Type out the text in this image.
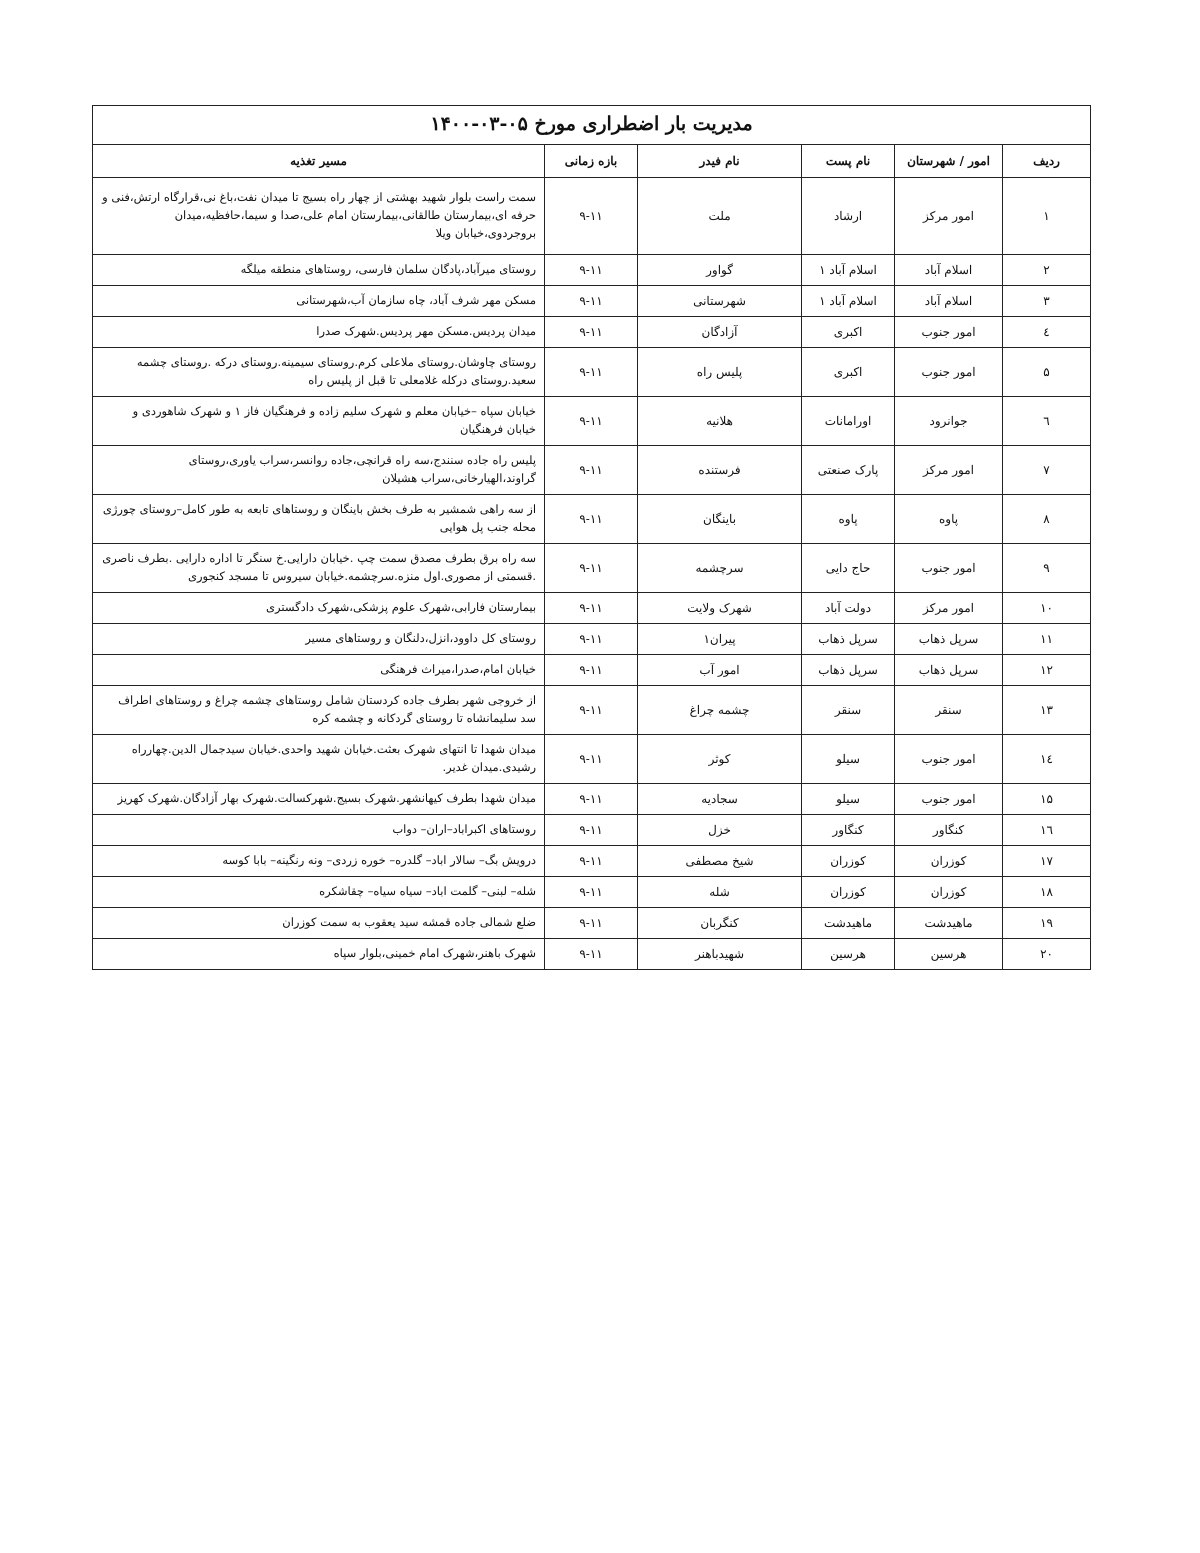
مدیریت بار اضطراری مورخ ۰۵-۰۳-۱۴۰۰					
ردیف	امور / شهرستان	نام پست	نام فیدر	بازه زمانی	مسیر تغذیه
۱	امور مرکز	ارشاد	ملت	۹-۱۱	سمت راست بلوار شهید بهشتی از چهار راه بسیج تا میدان نفت،باغ نی،قرارگاه ارتش،فنی و حرفه ای،بیمارستان طالقانی،بیمارستان امام علی،صدا و سیما،حافظیه،میدان بروجردوی،خیابان ویلا
۲	اسلام آباد	اسلام آباد ۱	گواور	۹-۱۱	روستای میرآباد،پادگان سلمان فارسی، روستاهای منطقه میلگه
۳	اسلام آباد	اسلام آباد ۱	شهرستانی	۹-۱۱	مسکن مهر شرف آباد، چاه سازمان آب،شهرستانی
٤	امور جنوب	اکبری	آزادگان	۹-۱۱	میدان پردیس.مسکن مهر پردیس.شهرک صدرا
۵	امور جنوب	اکبری	پلیس راه	۹-۱۱	روستای چاوشان.روستای ملاعلی کرم.روستای سیمینه.روستای درکه .روستای چشمه سعید.روستای درکله غلامعلی تا قبل از پلیس راه
٦	جوانرود	اورامانات	هلانیه	۹-۱۱	خیابان سپاه –خیابان معلم و شهرک سلیم زاده و فرهنگیان فاز ۱ و شهرک شاهوردی و خیابان فرهنگیان
۷	امور مرکز	پارک صنعتی	فرستنده	۹-۱۱	پلیس راه جاده سنندج،سه راه قرانچی،جاده روانسر،سراب یاوری،روستای گراوند،الهیارخانی،سراب هشیلان
۸	پاوه	پاوه	باینگان	۹-۱۱	از سه راهی شمشیر به طرف بخش باینگان و روستاهای تابعه به طور کامل–روستای چورژی محله جنب پل هوایی
۹	امور جنوب	حاج دایی	سرچشمه	۹-۱۱	سه راه برق بطرف مصدق سمت چپ .خیابان دارایی.خ سنگر تا اداره دارایی .بطرف ناصری .قسمتی از مصوری.اول منزه.سرچشمه.خیابان سیروس تا مسجد کنجوری
۱۰	امور مرکز	دولت آباد	شهرک ولایت	۹-۱۱	بیمارستان فارابی،شهرک علوم پزشکی،شهرک دادگستری
۱۱	سرپل ذهاب	سرپل ذهاب	پیران۱	۹-۱۱	روستای کل داوود،انزل،دلنگان و روستاهای مسیر
۱۲	سرپل ذهاب	سرپل ذهاب	امور آب	۹-۱۱	خیابان امام،صدرا،میراث فرهنگی
۱۳	سنقر	سنقر	چشمه چراغ	۹-۱۱	از خروجی شهر بطرف جاده کردستان شامل روستاهای چشمه چراغ و روستاهای اطراف سد سلیمانشاه تا روستای گردکانه و چشمه کره
۱٤	امور جنوب	سیلو	کوثر	۹-۱۱	میدان شهدا تا انتهای شهرک بعثت.خیابان شهید واحدی.خیابان سیدجمال الدین.چهارراه رشیدی.میدان غدیر.
۱۵	امور جنوب	سیلو	سجادیه	۹-۱۱	میدان شهدا بطرف کیهانشهر.شهرک بسیج.شهرکسالت.شهرک بهار آزادگان.شهرک کهریز
۱٦	کنگاور	کنگاور	خزل	۹-۱۱	روستاهای اکبراباد–اران– دواب
۱۷	کوزران	کوزران	شیخ مصطفی	۹-۱۱	درویش بگ– سالار اباد– گلدره– خوره زردی– ونه رنگینه– بابا کوسه
۱۸	کوزران	کوزران	شله	۹-۱۱	شله– لبنی– گلمت اباد– سیاه سیاه– چقاشکره
۱۹	ماهیدشت	ماهیدشت	کنگربان	۹-۱۱	ضلع شمالی جاده قمشه سید یعقوب به سمت کوزران
۲۰	هرسین	هرسین	شهیدباهنر	۹-۱۱	شهرک باهنر،شهرک امام خمینی،بلوار سپاه
